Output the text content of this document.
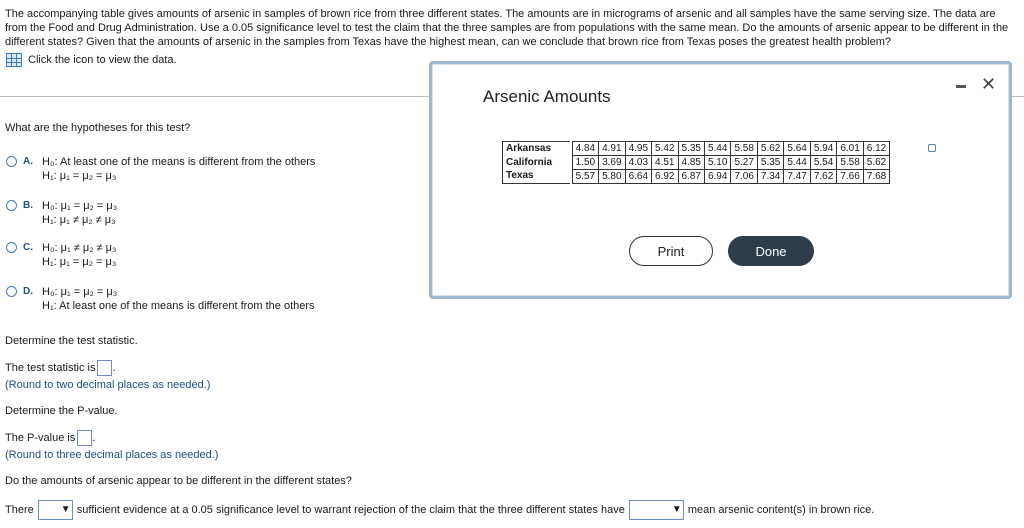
The accompanying table gives amounts of arsenic in samples of brown rice from three different states. The amounts are in micrograms of arsenic and all samples have the same serving size. The data are from the Food and Drug Administration. Use a 0.05 significance level to test the claim that the three samples are from populations with the same mean. Do the amounts of arsenic appear to be different in the different states? Given that the amounts of arsenic in the samples from Texas have the highest mean, can we conclude that brown rice from Texas poses the greatest health problem?
Click the icon to view the data.
What are the hypotheses for this test?
A. H₀: At least one of the means is different from the others
H₁: μ₁ = μ₂ = μ₃
B. H₀: μ₁ = μ₂ = μ₃
H₁: μ₁ ≠ μ₂ ≠ μ₃
C. H₀: μ₁ ≠ μ₂ ≠ μ₃
H₁: μ₁ = μ₂ = μ₃
D. H₀: μ₁ = μ₂ = μ₃
H₁: At least one of the means is different from the others
Determine the test statistic.
The test statistic is .
(Round to two decimal places as needed.)
Determine the P-value.
The P-value is .
(Round to three decimal places as needed.)
Do the amounts of arsenic appear to be different in the different states?
There	▼ sufficient evidence at a 0.05 significance level to warrant rejection of the claim that the three different states have	▼ mean arsenic content(s) in brown rice.
Arsenic Amounts
✕
Arkansas		4.84	4.91	4.95	5.42	5.35	5.44	5.58	5.62	5.64	5.94	6.01	6.12
California		1.50	3.69	4.03	4.51	4.85	5.10	5.27	5.35	5.44	5.54	5.58	5.62
Texas		5.57	5.80	6.64	6.92	6.87	6.94	7.06	7.34	7.47	7.62	7.66	7.68
Print	Done
